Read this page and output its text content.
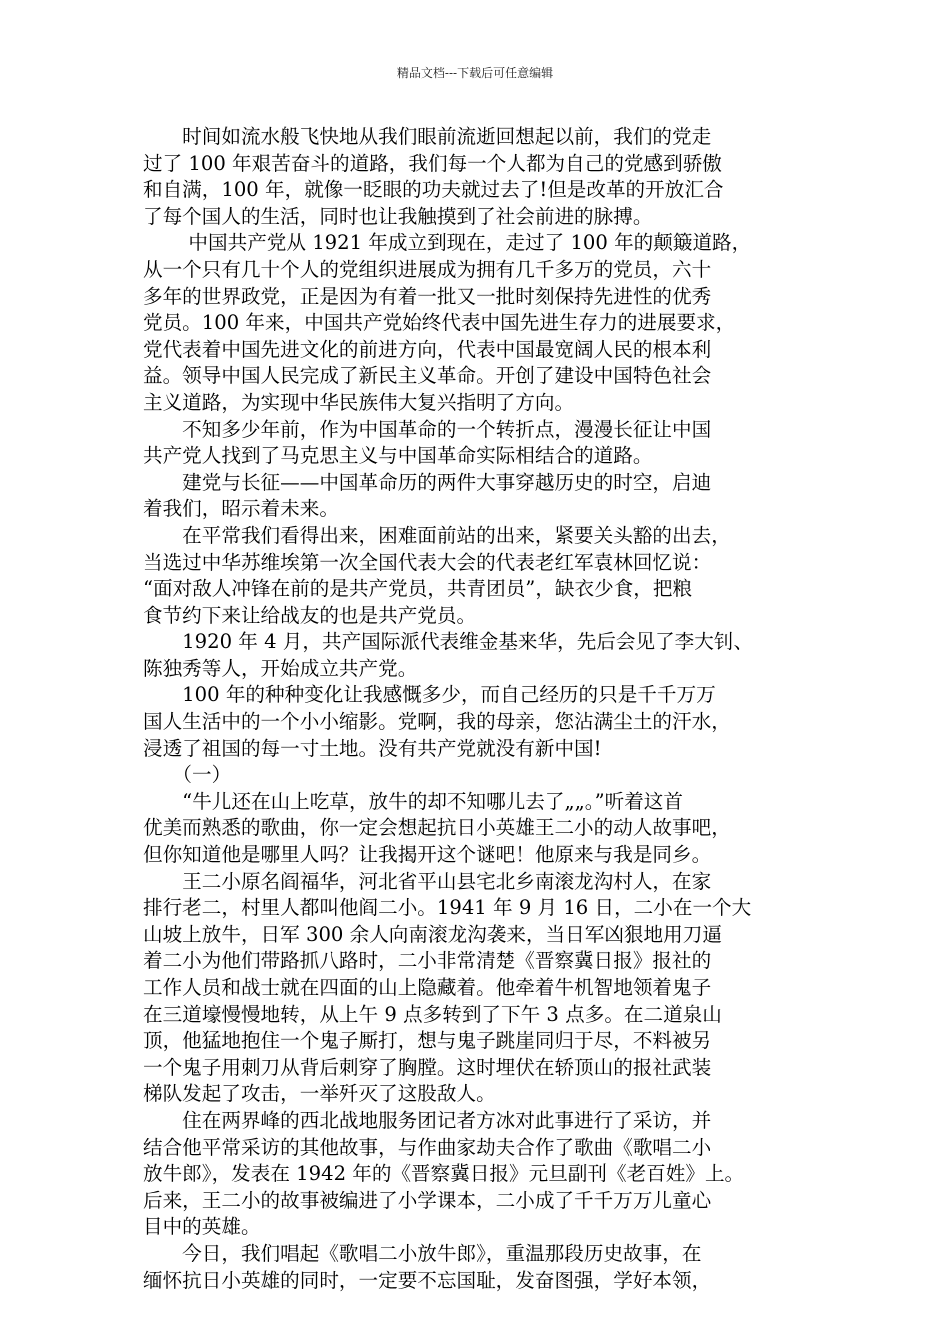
精品文档---下载后可任意编辑

　　时间如流水般飞快地从我们眼前流逝回想起以前，我们的党走
过了 100 年艰苦奋斗的道路，我们每一个人都为自己的党感到骄傲
和自满，100 年，就像一眨眼的功夫就过去了!但是改革的开放汇合
了每个国人的生活，同时也让我触摸到了社会前进的脉搏。

　　 中国共产党从 1921 年成立到现在，走过了 100 年的颠簸道路，
从一个只有几十个人的党组织进展成为拥有几千多万的党员，六十
多年的世界政党，正是因为有着一批又一批时刻保持先进性的优秀
党员。100 年来，中国共产党始终代表中国先进生存力的进展要求，
党代表着中国先进文化的前进方向，代表中国最宽阔人民的根本利
益。领导中国人民完成了新民主义革命。开创了建设中国特色社会
主义道路，为实现中华民族伟大复兴指明了方向。

　　不知多少年前，作为中国革命的一个转折点，漫漫长征让中国
共产党人找到了马克思主义与中国革命实际相结合的道路。

　　建党与长征——中国革命历的两件大事穿越历史的时空，启迪
着我们，昭示着未来。

　　在平常我们看得出来，困难面前站的出来，紧要关头豁的出去，
当选过中华苏维埃第一次全国代表大会的代表老红军袁林回忆说：
“面对敌人冲锋在前的是共产党员，共青团员”，缺衣少食，把粮
食节约下来让给战友的也是共产党员。

　　1920 年 4 月，共产国际派代表维金基来华，先后会见了李大钊、
陈独秀等人，开始成立共产党。

　　100 年的种种变化让我感慨多少，而自己经历的只是千千万万
国人生活中的一个小小缩影。党啊，我的母亲，您沾满尘土的汗水，
浸透了祖国的每一寸土地。没有共产党就没有新中国!

　　（一）

　　“牛儿还在山上吃草，放牛的却不知哪儿去了„„。”听着这首
优美而熟悉的歌曲，你一定会想起抗日小英雄王二小的动人故事吧，
但你知道他是哪里人吗？让我揭开这个谜吧！他原来与我是同乡。

　　王二小原名阎福华，河北省平山县宅北乡南滚龙沟村人，在家
排行老二，村里人都叫他阎二小。1941 年 9 月 16 日，二小在一个大
山坡上放牛，日军 300 余人向南滚龙沟袭来，当日军凶狠地用刀逼
着二小为他们带路抓八路时，二小非常清楚《晋察冀日报》报社的
工作人员和战士就在四面的山上隐藏着。他牵着牛机智地领着鬼子
在三道壕慢慢地转，从上午 9 点多转到了下午 3 点多。在二道泉山
顶，他猛地抱住一个鬼子厮打，想与鬼子跳崖同归于尽，不料被另
一个鬼子用刺刀从背后刺穿了胸膛。这时埋伏在轿顶山的报社武装
梯队发起了攻击，一举歼灭了这股敌人。

　　住在两界峰的西北战地服务团记者方冰对此事进行了采访，并
结合他平常采访的其他故事，与作曲家劫夫合作了歌曲《歌唱二小
放牛郎》，发表在 1942 年的《晋察冀日报》元旦副刊《老百姓》上。
后来，王二小的故事被编进了小学课本，二小成了千千万万儿童心
目中的英雄。

　　今日，我们唱起《歌唱二小放牛郎》，重温那段历史故事，在
缅怀抗日小英雄的同时，一定要不忘国耻，发奋图强，学好本领，
